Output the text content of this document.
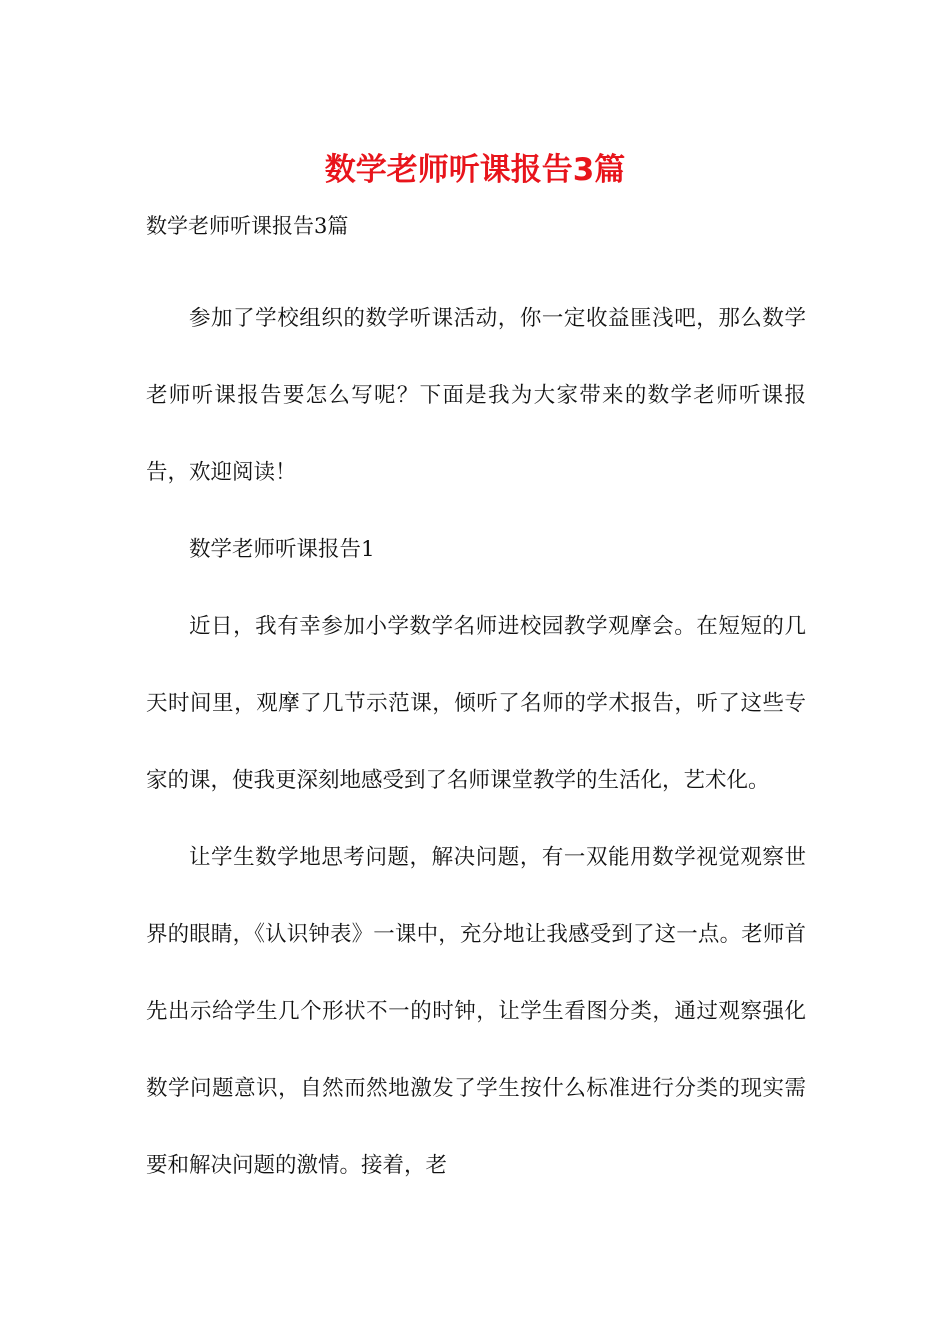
数学老师听课报告3篇

数学老师听课报告3篇

参加了学校组织的数学听课活动，你一定收益匪浅吧，那么数学老师听课报告要怎么写呢？下面是我为大家带来的数学老师听课报告，欢迎阅读！

数学老师听课报告1

近日，我有幸参加小学数学名师进校园教学观摩会。在短短的几天时间里，观摩了几节示范课，倾听了名师的学术报告，听了这些专家的课，使我更深刻地感受到了名师课堂教学的生活化，艺术化。

让学生数学地思考问题，解决问题，有一双能用数学视觉观察世界的眼睛，《认识钟表》一课中，充分地让我感受到了这一点。老师首先出示给学生几个形状不一的时钟，让学生看图分类，通过观察强化数学问题意识，自然而然地激发了学生按什么标准进行分类的现实需要和解决问题的激情。接着，老
